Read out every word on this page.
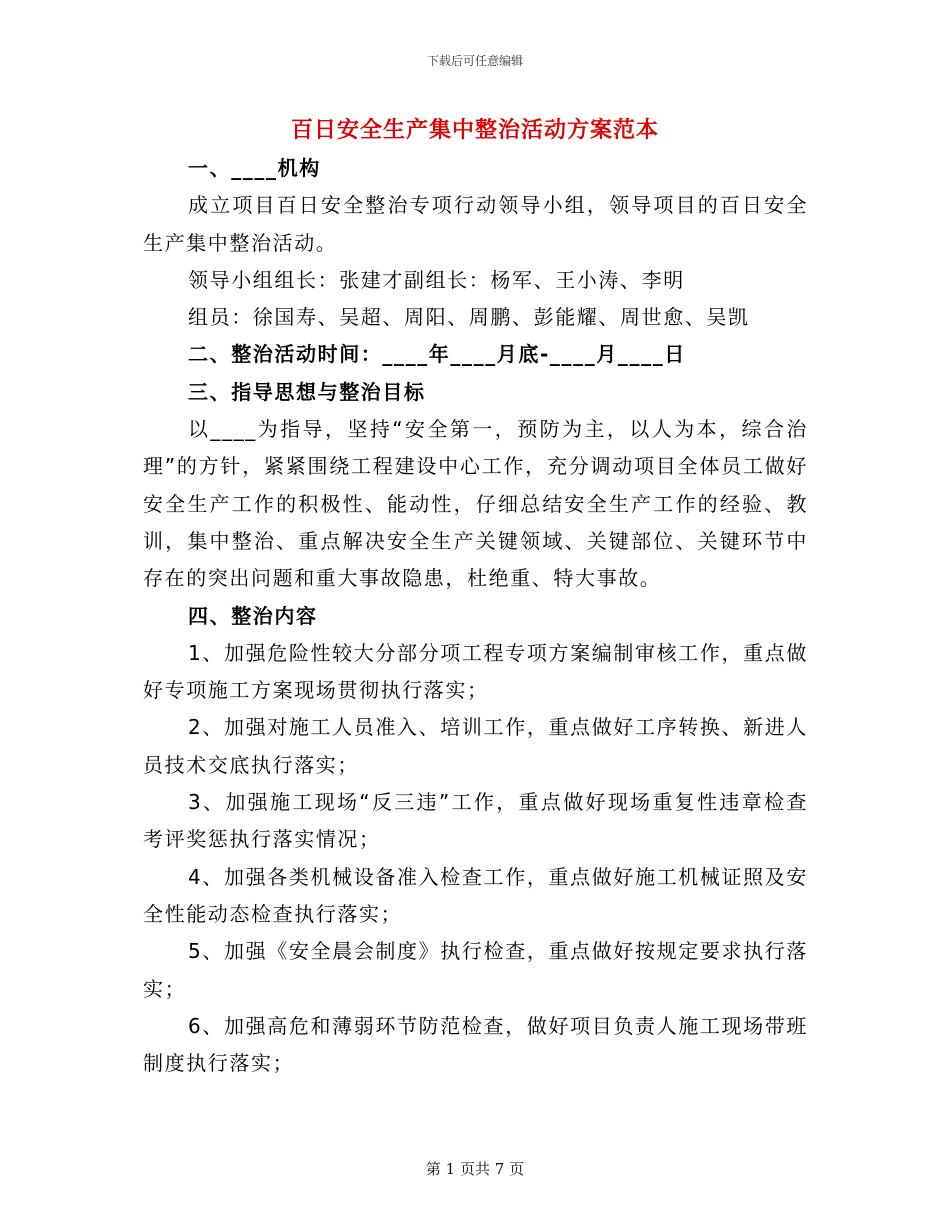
下载后可任意编辑
百日安全生产集中整治活动方案范本

一、____机构

成立项目百日安全整治专项行动领导小组，领导项目的百日安全生产集中整治活动。

领导小组组长：张建才副组长：杨军、王小涛、李明

组员：徐国寿、吴超、周阳、周鹏、彭能耀、周世愈、吴凯

二、整治活动时间：____年____月底-____月____日

三、指导思想与整治目标

以____为指导，坚持“安全第一，预防为主，以人为本，综合治理”的方针，紧紧围绕工程建设中心工作，充分调动项目全体员工做好安全生产工作的积极性、能动性，仔细总结安全生产工作的经验、教训，集中整治、重点解决安全生产关键领域、关键部位、关键环节中存在的突出问题和重大事故隐患，杜绝重、特大事故。

四、整治内容

1、加强危险性较大分部分项工程专项方案编制审核工作，重点做好专项施工方案现场贯彻执行落实；

2、加强对施工人员准入、培训工作，重点做好工序转换、新进人员技术交底执行落实；

3、加强施工现场“反三违”工作，重点做好现场重复性违章检查考评奖惩执行落实情况；

4、加强各类机械设备准入检查工作，重点做好施工机械证照及安全性能动态检查执行落实；

5、加强《安全晨会制度》执行检查，重点做好按规定要求执行落实；

6、加强高危和薄弱环节防范检查，做好项目负责人施工现场带班制度执行落实；

第 1 页共 7 页
